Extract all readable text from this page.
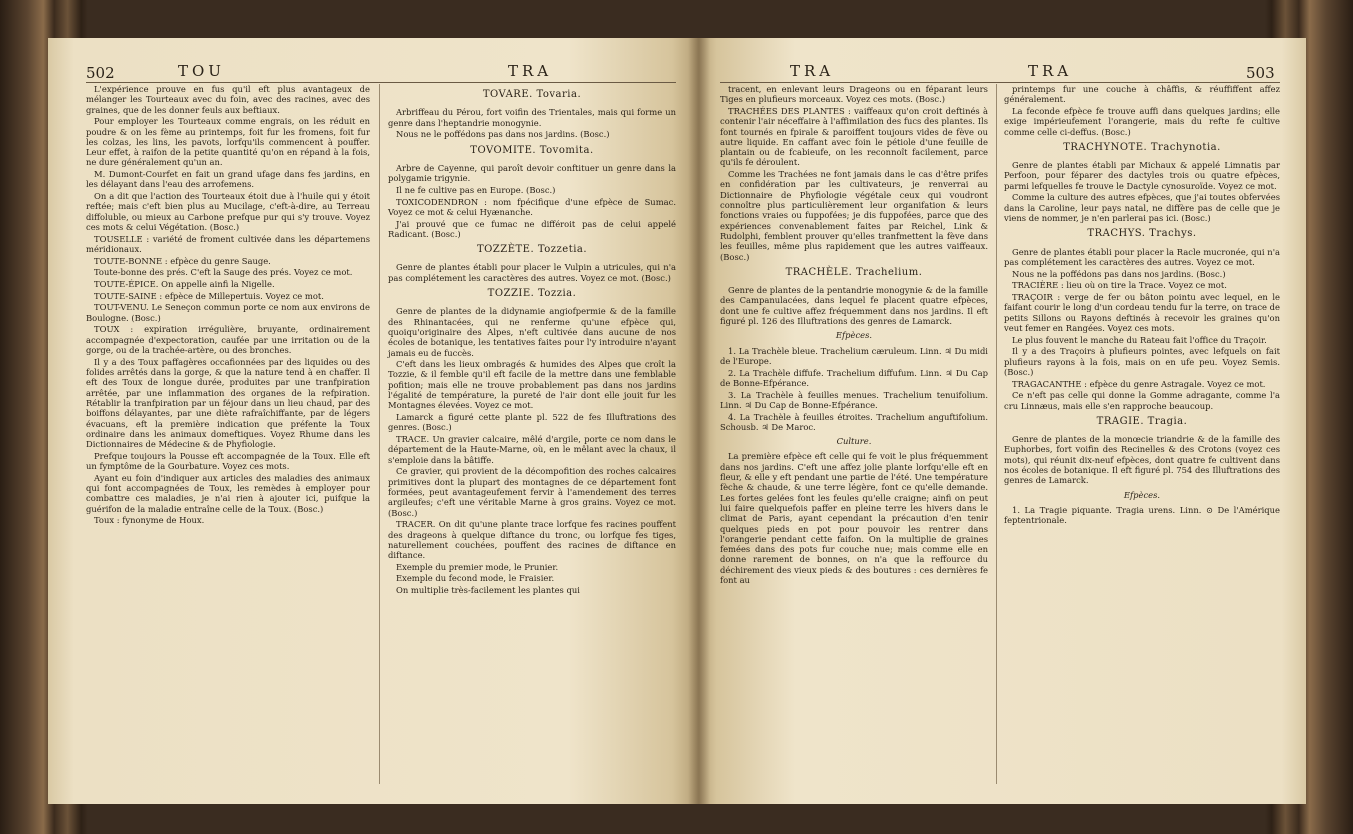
502	TOU	TRA

L'expérience prouve en fus qu'il eft plus avantageux de mélanger les Tourteaux avec du foin, avec des racines, avec des graines, que de les donner feuls aux beftiaux.

Pour employer les Tourteaux comme engrais, on les réduit en poudre & on les fème au printemps, foit fur les fromens, foit fur les colzas, les lins, les pavots, lorfqu'ils commencent à pouffer. Leur effet, à raifon de la petite quantité qu'on en répand à la fois, ne dure généralement qu'un an.

M. Dumont-Courfet en fait un grand ufage dans fes jardins, en les délayant dans l'eau des arrofemens.

On a dit que l'action des Tourteaux étoit due à l'huile qui y étoit reftée; mais c'eft bien plus au Mucilage, c'eft-à-dire, au Terreau diffoluble, ou mieux au Carbone prefque pur qui s'y trouve. Voyez ces mots & celui Végétation. (Bosc.)

TOUSELLE : variété de froment cultivée dans les départemens méridionaux.

TOUTE-BONNE : efpèce du genre Sauge.

Toute-bonne des prés. C'eft la Sauge des prés. Voyez ce mot.

TOUTE-ÉPICE. On appelle ainfi la Nigelle.

TOUTE-SAINE : efpèce de Millepertuis. Voyez ce mot.

TOUT-VENU. Le Seneçon commun porte ce nom aux environs de Boulogne. (Bosc.)

TOUX : expiration irrégulière, bruyante, ordinairement accompagnée d'expectoration, caufée par une irritation ou de la gorge, ou de la trachée-artère, ou des bronches.

Il y a des Toux paffagères occafionnées par des liquides ou des folides arrêtés dans la gorge, & que la nature tend à en chaffer. Il eft des Toux de longue durée, produites par une tranfpiration arrêtée, par une inflammation des organes de la refpiration. Rétablir la tranfpiration par un féjour dans un lieu chaud, par des boiffons délayantes, par une diète rafraîchiffante, par de légers évacuans, eft la première indication que préfente la Toux ordinaire dans les animaux domeftiques. Voyez Rhume dans les Dictionnaires de Médecine & de Phyfiologie.

Prefque toujours la Pousse eft accompagnée de la Toux. Elle eft un fymptôme de la Gourbature. Voyez ces mots.

Ayant eu foin d'indiquer aux articles des maladies des animaux qui font accompagnées de Toux, les remèdes à employer pour combattre ces maladies, je n'ai rien à ajouter ici, puifque la guérifon de la maladie entraîne celle de la Toux. (Bosc.)

Toux : fynonyme de Houx.

TOVARE. Tovaria.

Arbriffeau du Pérou, fort voifin des Trientales, mais qui forme un genre dans l'heptandrie monogynie.

Nous ne le poffédons pas dans nos jardins. (Bosc.)

TOVOMITE. Tovomita.

Arbre de Cayenne, qui paroît devoir conftituer un genre dans la polygamie trigynie.

Il ne fe cultive pas en Europe. (Bosc.)

TOXICODENDRON : nom fpécifique d'une efpèce de Sumac. Voyez ce mot & celui Hyænanche.

J'ai prouvé que ce fumac ne différoit pas de celui appelé Radicant. (Bosc.)

TOZZÈTE. Tozzetia.

Genre de plantes établi pour placer le Vulpin a utricules, qui n'a pas complétement les caractères des autres. Voyez ce mot. (Bosc.)

TOZZIE. Tozzia.

Genre de plantes de la didynamie angiofpermie & de la famille des Rhinantacées, qui ne renferme qu'une efpèce qui, quoiqu'originaire des Alpes, n'eft cultivée dans aucune de nos écoles de botanique, les tentatives faites pour l'y introduire n'ayant jamais eu de fuccès.

C'eft dans les lieux ombragés & humides des Alpes que croît la Tozzie, & il femble qu'il eft facile de la mettre dans une femblable pofition; mais elle ne trouve probablement pas dans nos jardins l'égalité de température, la pureté de l'air dont elle jouit fur les Montagnes élevées. Voyez ce mot.

Lamarck a figuré cette plante pl. 522 de fes Illuftrations des genres. (Bosc.)

TRACE. Un gravier calcaire, mêlé d'argile, porte ce nom dans le département de la Haute-Marne, où, en le mêlant avec la chaux, il s'emploie dans la bâtiffe.

Ce gravier, qui provient de la décompofition des roches calcaires primitives dont la plupart des montagnes de ce département font formées, peut avantageufement fervir à l'amendement des terres argileufes; c'eft une véritable Marne à gros grains. Voyez ce mot. (Bosc.)

TRACER. On dit qu'une plante trace lorfque fes racines pouffent des drageons à quelque diftance du tronc, ou lorfque fes tiges, naturellement couchées, pouffent des racines de diftance en diftance.

Exemple du premier mode, le Prunier.

Exemple du fecond mode, le Fraisier.

On multiplie très-facilement les plantes qui

TRA	TRA	503

tracent, en enlevant leurs Drageons ou en féparant leurs Tiges en plufieurs morceaux. Voyez ces mots. (Bosc.)

TRACHÉES DES PLANTES : vaiffeaux qu'on croit deftinés à contenir l'air néceffaire à l'affimilation des fucs des plantes. Ils font tournés en fpirale & paroiffent toujours vides de fève ou autre liquide. En caffant avec foin le pétiole d'une feuille de plantain ou de fcabieufe, on les reconnoît facilement, parce qu'ils fe déroulent.

Comme les Trachées ne font jamais dans le cas d'être prifes en confidération par les cultivateurs, je renverrai au Dictionnaire de Phyfiologie végétale ceux qui voudront connoître plus particulièrement leur organifation & leurs fonctions vraies ou fuppofées; je dis fuppofées, parce que des expériences convenablement faites par Reichel, Link & Rudolphi, femblent prouver qu'elles tranfmettent la fève dans les feuilles, même plus rapidement que les autres vaiffeaux. (Bosc.)

TRACHÈLE. Trachelium.

Genre de plantes de la pentandrie monogynie & de la famille des Campanulacées, dans lequel fe placent quatre efpèces, dont une fe cultive affez fréquemment dans nos jardins. Il eft figuré pl. 126 des Illuftrations des genres de Lamarck.

Efpèces.

1. La Trachèle bleue. Trachelium cæruleum. Linn. ♃ Du midi de l'Europe.

2. La Trachèle diffufe. Trachelium diffufum. Linn. ♃ Du Cap de Bonne-Efpérance.

3. La Trachèle à feuilles menues. Trachelium tenuifolium. Linn. ♃ Du Cap de Bonne-Efpérance.

4. La Trachèle à feuilles étroites. Trachelium anguftifolium. Schousb. ♃ De Maroc.

Culture.

La première efpèce eft celle qui fe voit le plus fréquemment dans nos jardins. C'eft une affez jolie plante lorfqu'elle eft en fleur, & elle y eft pendant une partie de l'été. Une température fèche & chaude, & une terre légère, font ce qu'elle demande. Les fortes gelées font les feules qu'elle craigne; ainfi on peut lui faire quelquefois paffer en pleine terre les hivers dans le climat de Paris, ayant cependant la précaution d'en tenir quelques pieds en pot pour pouvoir les rentrer dans l'orangerie pendant cette faifon. On la multiplie de graines femées dans des pots fur couche nue; mais comme elle en donne rarement de bonnes, on n'a que la reffource du déchirement des vieux pieds & des boutures : ces dernières fe font au

printemps fur une couche à châffis, & réuffiffent affez généralement.

La feconde efpèce fe trouve auffi dans quelques jardins; elle exige impérieufement l'orangerie, mais du refte fe cultive comme celle ci-deffus. (Bosc.)

TRACHYNOTE. Trachynotia.

Genre de plantes établi par Michaux & appelé Limnatis par Perfoon, pour féparer des dactyles trois ou quatre efpèces, parmi lefquelles fe trouve le Dactyle cynosuroïde. Voyez ce mot.

Comme la culture des autres efpèces, que j'ai toutes obfervées dans la Caroline, leur pays natal, ne diffère pas de celle que je viens de nommer, je n'en parlerai pas ici. (Bosc.)

TRACHYS. Trachys.

Genre de plantes établi pour placer la Racle mucronée, qui n'a pas complétement les caractères des autres. Voyez ce mot.

Nous ne la poffédons pas dans nos jardins. (Bosc.)

TRACIÈRE : lieu où on tire la Trace. Voyez ce mot.

TRAÇOIR : verge de fer ou bâton pointu avec lequel, en le faifant courir le long d'un cordeau tendu fur la terre, on trace de petits Sillons ou Rayons deftinés à recevoir les graines qu'on veut femer en Rangées. Voyez ces mots.

Le plus fouvent le manche du Rateau fait l'office du Traçoir.

Il y a des Traçoirs à plufieurs pointes, avec lefquels on fait plufieurs rayons à la fois, mais on en ufe peu. Voyez Semis. (Bosc.)

TRAGACANTHE : efpèce du genre Astragale. Voyez ce mot.

Ce n'eft pas celle qui donne la Gomme adragante, comme l'a cru Linnæus, mais elle s'en rapproche beaucoup.

TRAGIE. Tragia.

Genre de plantes de la monœcie triandrie & de la famille des Euphorbes, fort voifin des Recinelles & des Crotons (voyez ces mots), qui réunit dix-neuf efpèces, dont quatre fe cultivent dans nos écoles de botanique. Il eft figuré pl. 754 des Illuftrations des genres de Lamarck.

Efpèces.

1. La Tragie piquante. Tragia urens. Linn. ⊙ De l'Amérique feptentrionale.
